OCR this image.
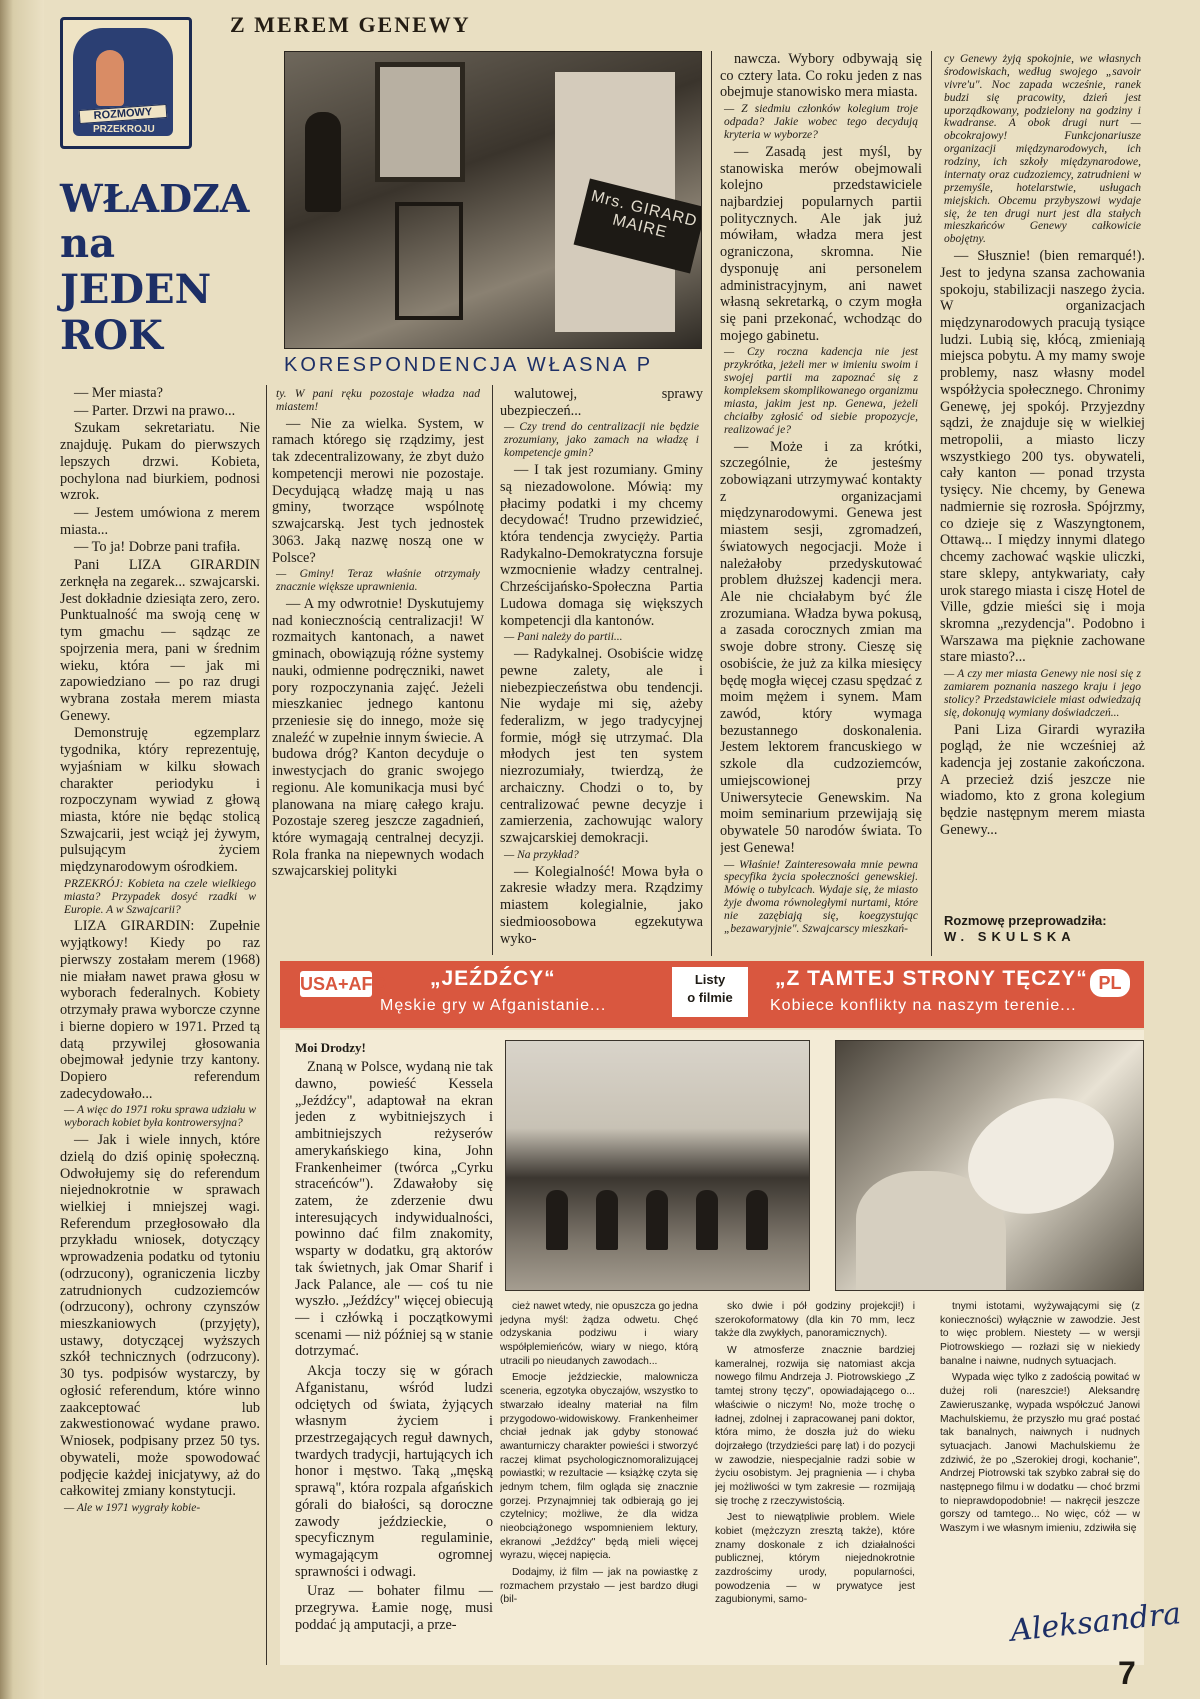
Z MEREM GENEWY
ROZMOWY
PRZEKROJU
WŁADZA
na
JEDEN
ROK
Mrs. GIRARD MAIRE
KORESPONDENCJA WŁASNA P

— Mer miasta?

— Parter. Drzwi na prawo...

Szukam sekretariatu. Nie znajduję. Pukam do pierwszych lepszych drzwi. Kobieta, pochylona nad biurkiem, podnosi wzrok.

— Jestem umówiona z merem miasta...

— To ja! Dobrze pani trafiła.

Pani LIZA GIRARDIN zerknęła na zegarek... szwajcarski. Jest dokładnie dziesiąta zero, zero. Punktualność ma swoją cenę w tym gmachu — sądząc ze spojrzenia mera, pani w średnim wieku, która — jak mi zapowiedziano — po raz drugi wybrana została merem miasta Genewy.

Demonstruję egzemplarz tygodnika, który reprezentuję, wyjaśniam w kilku słowach charakter periodyku i rozpoczynam wywiad z głową miasta, które nie będąc stolicą Szwajcarii, jest wciąż jej żywym, pulsującym życiem międzynarodowym ośrodkiem.

PRZEKRÓJ: Kobieta na czele wielkiego miasta? Przypadek dosyć rzadki w Europie. A w Szwajcarii?

LIZA GIRARDIN: Zupełnie wyjątkowy! Kiedy po raz pierwszy zostałam merem (1968) nie miałam nawet prawa głosu w wyborach federalnych. Kobiety otrzymały prawa wyborcze czynne i bierne dopiero w 1971. Przed tą datą przywilej głosowania obejmował jedynie trzy kantony. Dopiero referendum zadecydowało...

— A więc do 1971 roku sprawa udziału w wyborach kobiet była kontrowersyjna?

— Jak i wiele innych, które dzielą do dziś opinię społeczną. Odwołujemy się do referendum niejednokrotnie w sprawach wielkiej i mniejszej wagi. Referendum przegłosowało dla przykładu wniosek, dotyczący wprowadzenia podatku od tytoniu (odrzucony), ograniczenia liczby zatrudnionych cudzoziemców (odrzucony), ochrony czynszów mieszkaniowych (przyjęty), ustawy, dotyczącej wyższych szkół technicznych (odrzucony). 30 tys. podpisów wystarczy, by ogłosić referendum, które winno zaakceptować lub zakwestionować wydane prawo. Wniosek, podpisany przez 50 tys. obywateli, może spowodować podjęcie każdej inicjatywy, aż do całkowitej zmiany konstytucji.

— Ale w 1971 wygrały kobie-

ty. W pani ręku pozostaje władza nad miastem!

— Nie za wielka. System, w ramach którego się rządzimy, jest tak zdecentralizowany, że zbyt dużo kompetencji merowi nie pozostaje. Decydującą władzę mają u nas gminy, tworzące wspólnotę szwajcarską. Jest tych jednostek 3063. Jaką nazwę noszą one w Polsce?

— Gminy! Teraz właśnie otrzymały znacznie większe uprawnienia.

— A my odwrotnie! Dyskutujemy nad koniecznością centralizacji! W rozmaitych kantonach, a nawet gminach, obowiązują różne systemy nauki, odmienne podręczniki, nawet pory rozpoczynania zajęć. Jeżeli mieszkaniec jednego kantonu przeniesie się do innego, może się znaleźć w zupełnie innym świecie. A budowa dróg? Kanton decyduje o inwestycjach do granic swojego regionu. Ale komunikacja musi być planowana na miarę całego kraju. Pozostaje szereg jeszcze zagadnień, które wymagają centralnej decyzji. Rola franka na niepewnych wodach szwajcarskiej polityki

walutowej, sprawy ubezpieczeń...

— Czy trend do centralizacji nie będzie zrozumiany, jako zamach na władzę i kompetencje gmin?

— I tak jest rozumiany. Gminy są niezadowolone. Mówią: my płacimy podatki i my chcemy decydować! Trudno przewidzieć, która tendencja zwycięży. Partia Radykalno-Demokratyczna forsuje wzmocnienie władzy centralnej. Chrześcijańsko-Społeczna Partia Ludowa domaga się większych kompetencji dla kantonów.

— Pani należy do partii...

— Radykalnej. Osobiście widzę pewne zalety, ale i niebezpieczeństwa obu tendencji. Nie wydaje mi się, ażeby federalizm, w jego tradycyjnej formie, mógł się utrzymać. Dla młodych jest ten system niezrozumiały, twierdzą, że archaiczny. Chodzi o to, by centralizować pewne decyzje i zamierzenia, zachowując walory szwajcarskiej demokracji.

— Na przykład?

— Kolegialność! Mowa była o zakresie władzy mera. Rządzimy miastem kolegialnie, jako siedmioosobowa egzekutywa wyko-

nawcza. Wybory odbywają się co cztery lata. Co roku jeden z nas obejmuje stanowisko mera miasta.

— Z siedmiu członków kolegium troje odpada? Jakie wobec tego decydują kryteria w wyborze?

— Zasadą jest myśl, by stanowiska merów obejmowali kolejno przedstawiciele najbardziej popularnych partii politycznych. Ale jak już mówiłam, władza mera jest ograniczona, skromna. Nie dysponuję ani personelem administracyjnym, ani nawet własną sekretarką, o czym mogła się pani przekonać, wchodząc do mojego gabinetu.

— Czy roczna kadencja nie jest przykrótka, jeżeli mer w imieniu swoim i swojej partii ma zapoznać się z kompleksem skomplikowanego organizmu miasta, jakim jest np. Genewa, jeżeli chciałby zgłosić od siebie propozycje, realizować je?

— Może i za krótki, szczególnie, że jesteśmy zobowiązani utrzymywać kontakty z organizacjami międzynarodowymi. Genewa jest miastem sesji, zgromadzeń, światowych negocjacji. Może i należałoby przedyskutować problem dłuższej kadencji mera. Ale nie chciałabym być źle zrozumiana. Władza bywa pokusą, a zasada corocznych zmian ma swoje dobre strony. Cieszę się osobiście, że już za kilka miesięcy będę mogła więcej czasu spędzać z moim mężem i synem. Mam zawód, który wymaga bezustannego doskonalenia. Jestem lektorem francuskiego w szkole dla cudzoziemców, umiejscowionej przy Uniwersytecie Genewskim. Na moim seminarium przewijają się obywatele 50 narodów świata. To jest Genewa!

— Właśnie! Zainteresowała mnie pewna specyfika życia społeczności genewskiej. Mówię o tubylcach. Wydaje się, że miasto żyje dwoma równoległymi nurtami, które nie zazębiają się, koegzystując „bezawaryjnie". Szwajcarscy mieszkań-

cy Genewy żyją spokojnie, we własnych środowiskach, według swojego „savoir vivre'u". Noc zapada wcześnie, ranek budzi się pracowity, dzień jest uporządkowany, podzielony na godziny i kwadranse. A obok drugi nurt — obcokrajowy! Funkcjonariusze organizacji międzynarodowych, ich rodziny, ich szkoły międzynarodowe, internaty oraz cudzoziemcy, zatrudnieni w przemyśle, hotelarstwie, usługach miejskich. Obcemu przybyszowi wydaje się, że ten drugi nurt jest dla stałych mieszkańców Genewy całkowicie obojętny.

— Słusznie! (bien remarqué!). Jest to jedyna szansa zachowania spokoju, stabilizacji naszego życia. W organizacjach międzynarodowych pracują tysiące ludzi. Lubią się, kłócą, zmieniają miejsca pobytu. A my mamy swoje problemy, nasz własny model współżycia społecznego. Chronimy Genewę, jej spokój. Przyjezdny sądzi, że znajduje się w wielkiej metropolii, a miasto liczy wszystkiego 200 tys. obywateli, cały kanton — ponad trzysta tysięcy. Nie chcemy, by Genewa nadmiernie się rozrosła. Spójrzmy, co dzieje się z Waszyngtonem, Ottawą... I między innymi dlatego chcemy zachować wąskie uliczki, stare sklepy, antykwariaty, cały urok starego miasta i ciszę Hotel de Ville, gdzie mieści się i moja skromna „rezydencja". Podobno i Warszawa ma pięknie zachowane stare miasto?...

— A czy mer miasta Genewy nie nosi się z zamiarem poznania naszego kraju i jego stolicy? Przedstawiciele miast odwiedzają się, dokonują wymiany doświadczeń...

Pani Liza Girardi wyraziła pogląd, że nie wcześniej aż kadencja jej zostanie zakończona. A przecież dziś jeszcze nie wiadomo, kto z grona kolegium będzie następnym merem miasta Genewy...

Rozmowę przeprowadziła:
W. SKULSKA
USA+AFG „JEŹDŹCY“
Męskie gry w Afganistanie...
Listy
o filmie
„Z TAMTEJ STRONY TĘCZY“
Kobiece konflikty na naszym terenie...
PL
Moi Drodzy!

Znaną w Polsce, wydaną nie tak dawno, powieść Kessela „Jeźdźcy", adaptował na ekran jeden z wybitniejszych i ambitniejszych reżyserów amerykańskiego kina, John Frankenheimer (twórca „Cyrku straceńców"). Zdawałoby się zatem, że zderzenie dwu interesujących indywidualności, powinno dać film znakomity, wsparty w dodatku, grą aktorów tak świetnych, jak Omar Sharif i Jack Palance, ale — coś tu nie wyszło. „Jeźdźcy" więcej obiecują — i człówką i początkowymi scenami — niż później są w stanie dotrzymać.

Akcja toczy się w górach Afganistanu, wśród ludzi odciętych od świata, żyjących własnym życiem i przestrzegających reguł dawnych, twardych tradycji, hartujących ich honor i męstwo. Taką „męską sprawą", która rozpala afgańskich górali do białości, są doroczne zawody jeździeckie, o specyficznym regulaminie, wymagającym ogromnej sprawności i odwagi.

Uraz — bohater filmu — przegrywa. Łamie nogę, musi poddać ją amputacji, a prze-

cież nawet wtedy, nie opuszcza go jedna jedyna myśl: żądza odwetu. Chęć odzyskania podziwu i wiary współplemieńców, wiary w niego, którą utracili po nieudanych zawodach...

Emocje jeździeckie, malownicza sceneria, egzotyka obyczajów, wszystko to stwarzało idealny materiał na film przygodowo-widowiskowy. Frankenheimer chciał jednak jak gdyby stonować awanturniczy charakter powieści i stworzyć raczej klimat psychologicznomoralizującej powiastki; w rezultacie — książkę czyta się jednym tchem, film ogląda się znacznie gorzej. Przynajmniej tak odbierają go jej czytelnicy; możliwe, że dla widza nieobciążonego wspomnieniem lektury, ekranowi „Jeźdźcy" będą mieli więcej wyrazu, więcej napięcia.

Dodajmy, iż film — jak na powiastkę z rozmachem przystało — jest bardzo długi (bil-

sko dwie i pół godziny projekcji!) i szerokoformatowy (dla kin 70 mm, lecz także dla zwykłych, panoramicznych).

W atmosferze znacznie bardziej kameralnej, rozwija się natomiast akcja nowego filmu Andrzeja J. Piotrowskiego „Z tamtej strony tęczy", opowiadającego o... właściwie o niczym! No, może trochę o ładnej, zdolnej i zapracowanej pani doktor, która mimo, że doszła już do wieku dojrzałego (trzydzieści parę lat) i do pozycji w zawodzie, niespecjalnie radzi sobie w życiu osobistym. Jej pragnienia — i chyba jej możliwości w tym zakresie — rozmijają się trochę z rzeczywistością.

Jest to niewątpliwie problem. Wiele kobiet (mężczyzn zresztą także), które znamy doskonale z ich działalności publicznej, którym niejednokrotnie zazdrościmy urody, popularności, powodzenia — w prywatyce jest zagubionymi, samo-

tnymi istotami, wyżywającymi się (z konieczności) wyłącznie w zawodzie. Jest to więc problem. Niestety — w wersji Piotrowskiego — rozłazi się w niekiedy banalne i naiwne, nudnych sytuacjach.

Wypada więc tylko z zadością powitać w dużej roli (nareszcie!) Aleksandrę Zawieruszankę, wypada współczuć Janowi Machulskiemu, że przyszło mu grać postać tak banalnych, naiwnych i nudnych sytuacjach. Janowi Machulskiemu że zdziwić, że po „Szerokiej drogi, kochanie", Andrzej Piotrowski tak szybko zabrał się do następnego filmu i w dodatku — choć brzmi to nieprawdopodobnie! — nakręcił jeszcze gorszy od tamtego... No więc, cóż — w Waszym i we własnym imieniu, zdziwiła się

Aleksandra
7
